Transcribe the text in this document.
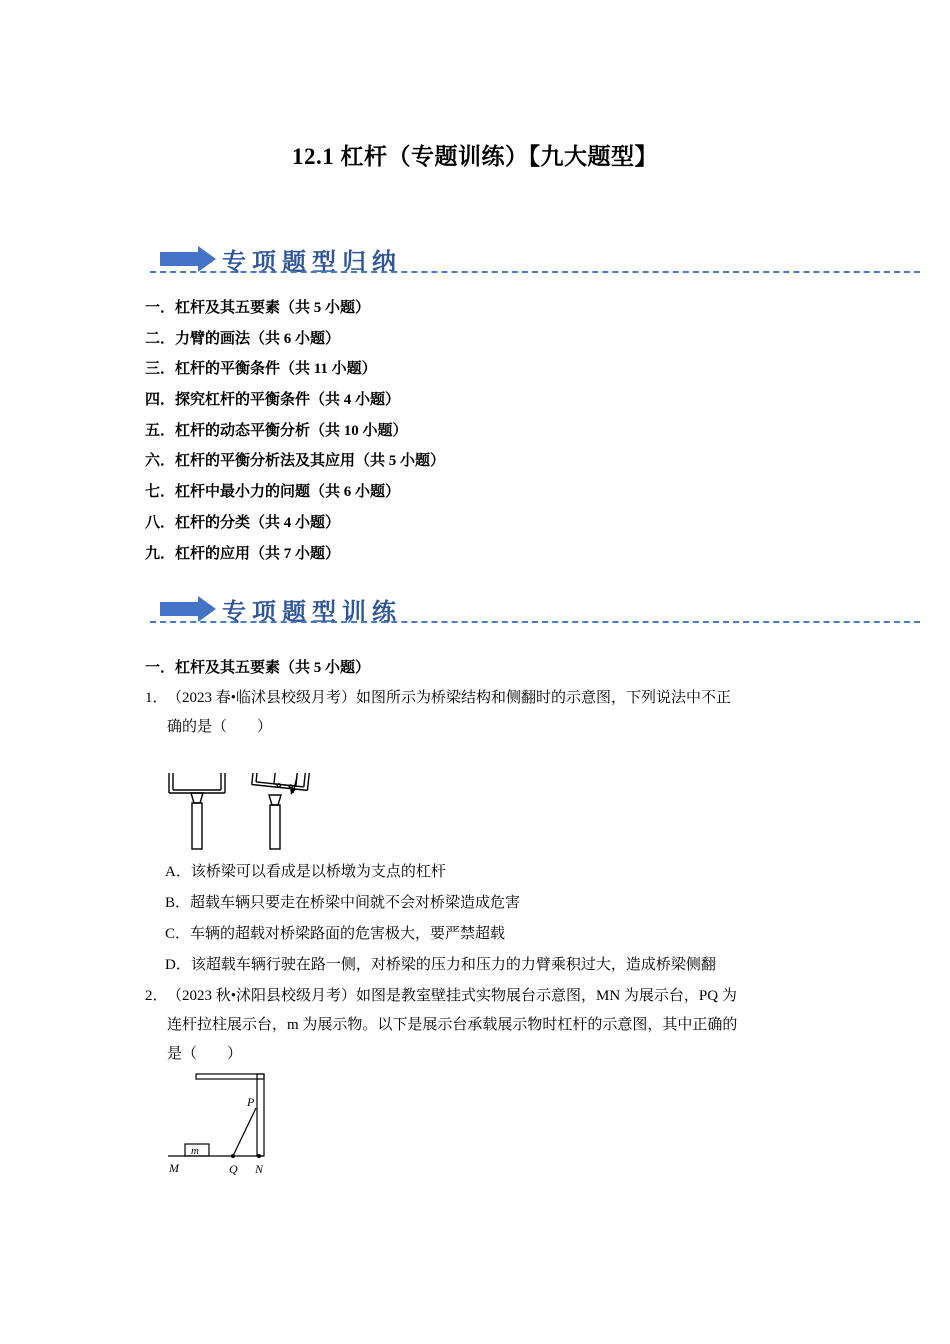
12.1 杠杆（专题训练）【九大题型】
专项题型归纳
一．杠杆及其五要素（共 5 小题）
二．力臂的画法（共 6 小题）
三．杠杆的平衡条件（共 11 小题）
四．探究杠杆的平衡条件（共 4 小题）
五．杠杆的动态平衡分析（共 10 小题）
六．杠杆的平衡分析法及其应用（共 5 小题）
七．杠杆中最小力的问题（共 6 小题）
八．杠杆的分类（共 4 小题）
九．杠杆的应用（共 7 小题）
专项题型训练
一．杠杆及其五要素（共 5 小题）
1． （2023 春•临沭县校级月考）如图所示为桥梁结构和侧翻时的示意图，下列说法中不正
确的是（　　）
A．该桥梁可以看成是以桥墩为支点的杠杆
B．超载车辆只要走在桥梁中间就不会对桥梁造成危害
C．车辆的超载对桥梁路面的危害极大，要严禁超载
D．该超载车辆行驶在路一侧，对桥梁的压力和压力的力臂乘积过大，造成桥梁侧翻
2． （2023 秋•沭阳县校级月考）如图是教室壁挂式实物展台示意图，MN 为展示台，PQ 为
连杆拉柱展示台，m 为展示物。以下是展示台承载展示物时杠杆的示意图，其中正确的
是（　　）
m
P
M	Q N
